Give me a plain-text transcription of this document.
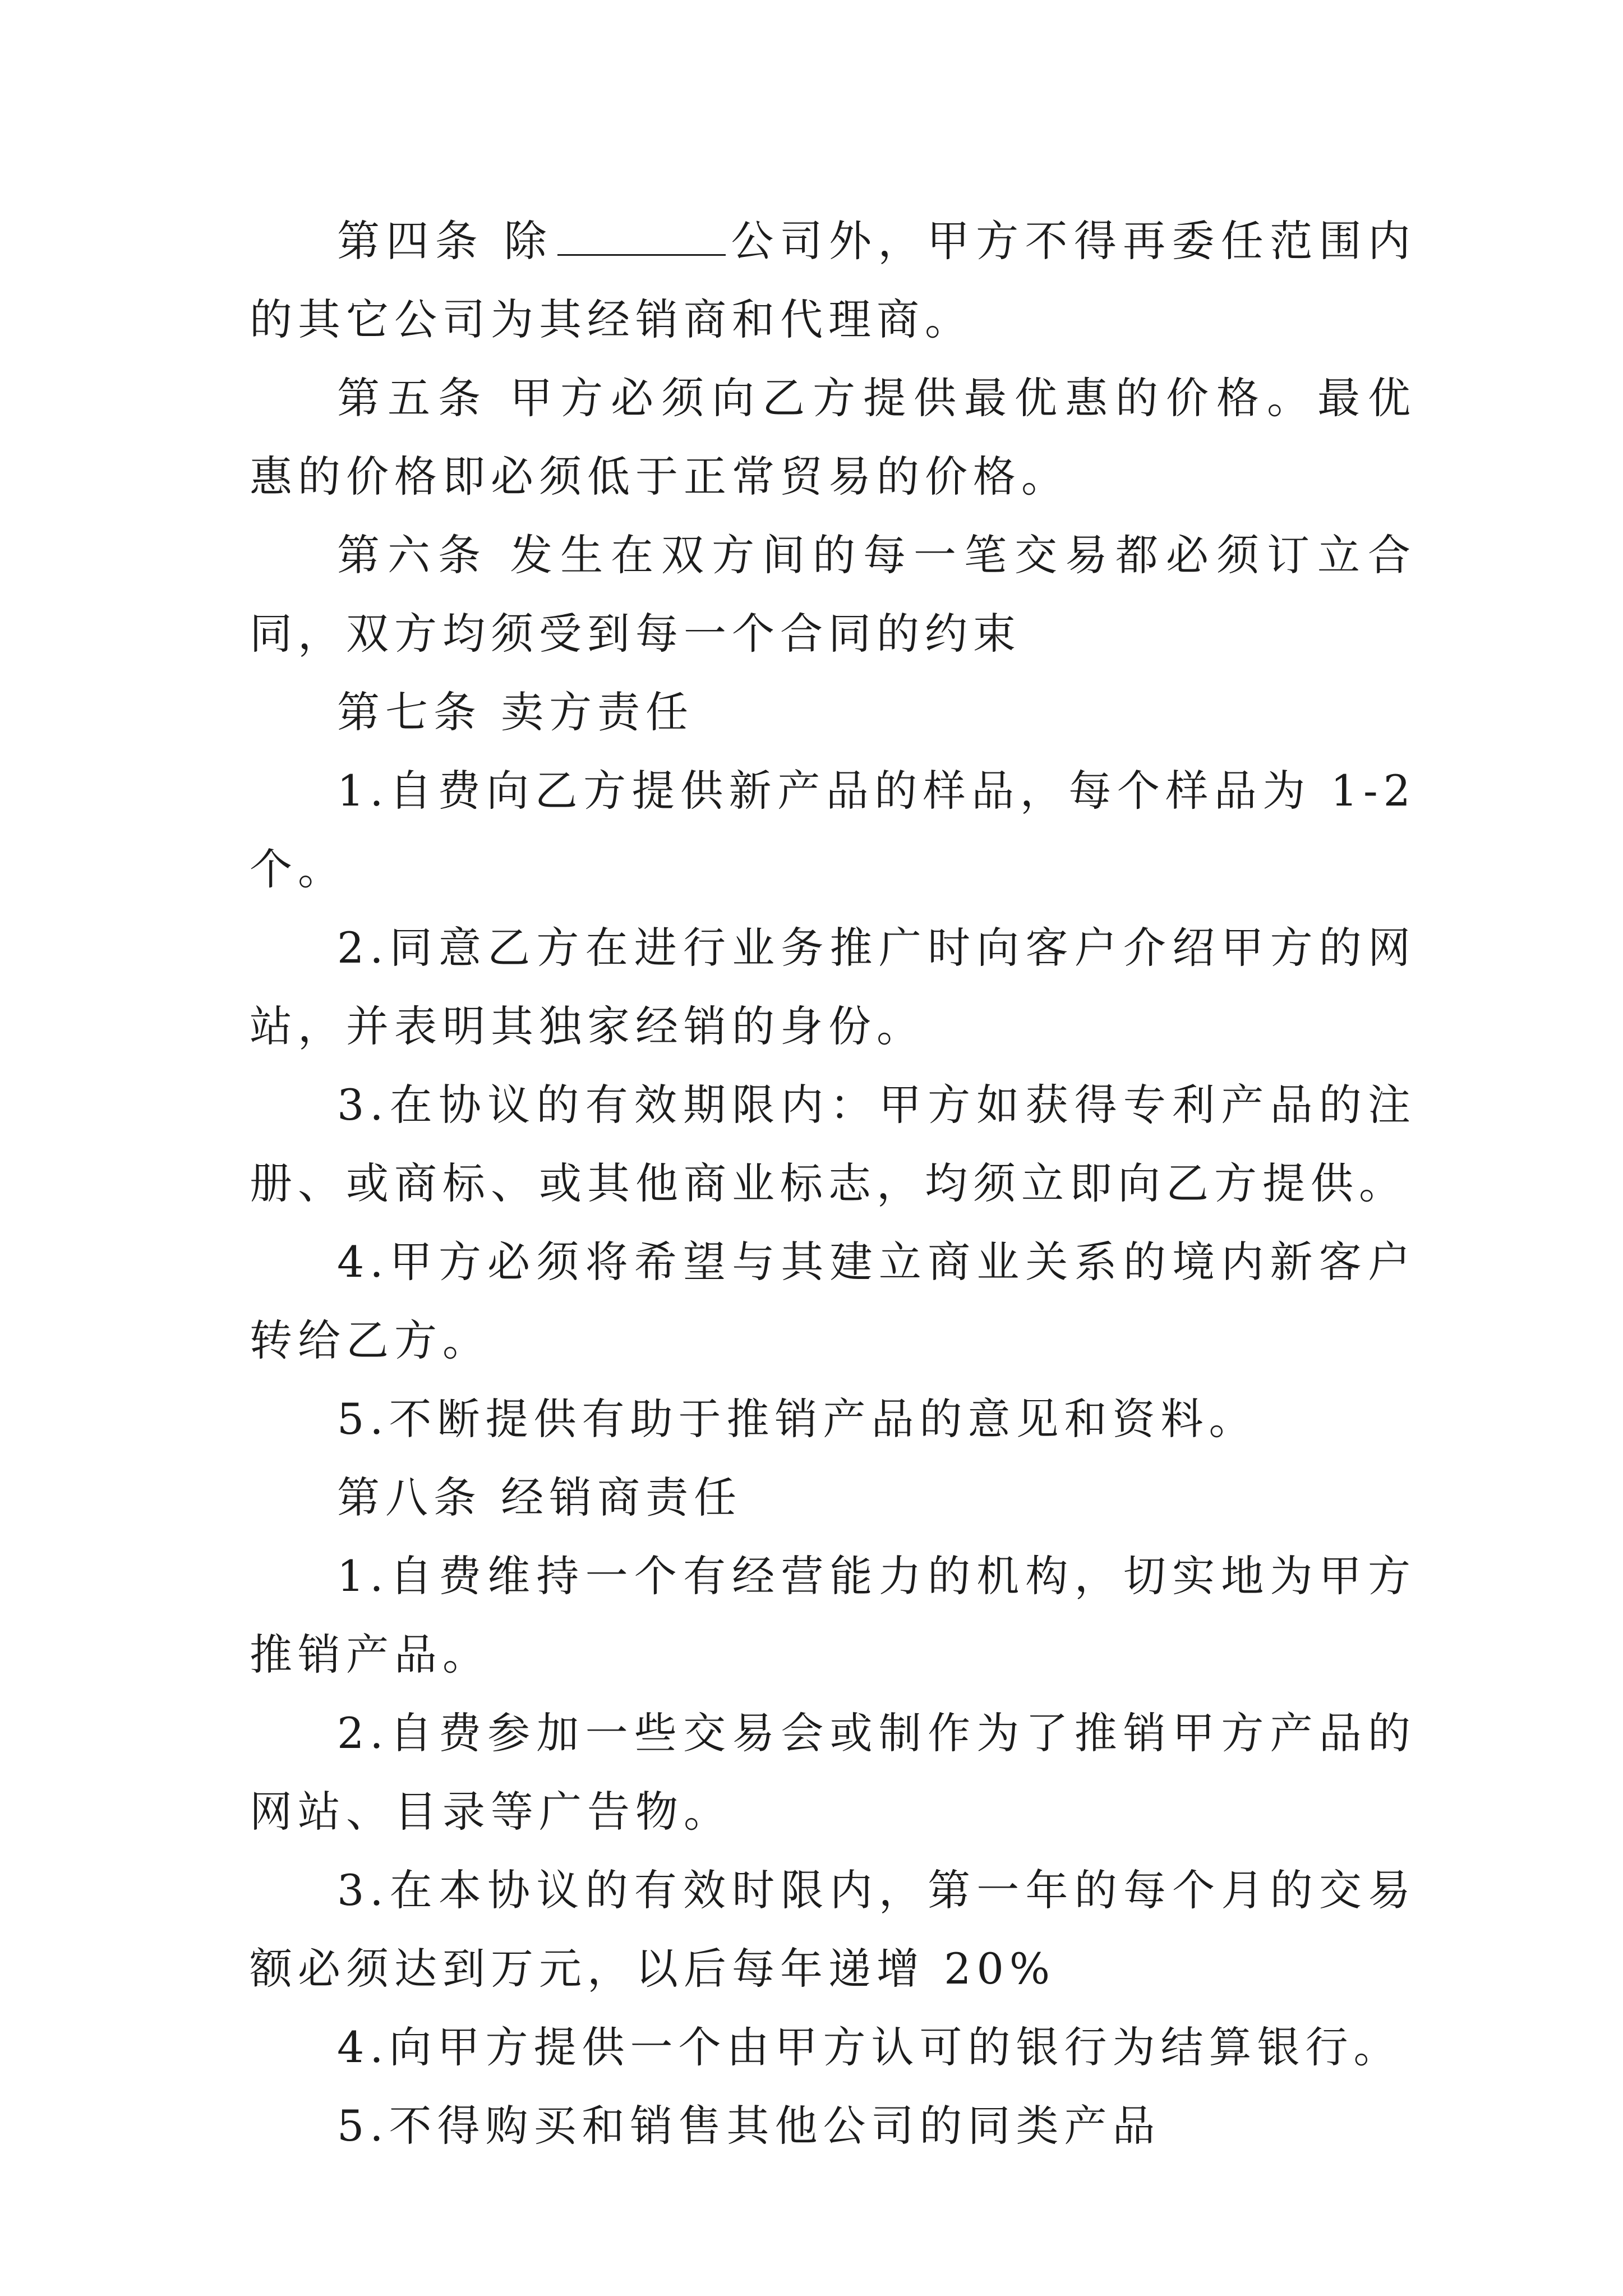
第四条 除	公司外，甲方不得再委任范围内的其它公司为其经销商和代理商。

第五条 甲方必须向乙方提供最优惠的价格。最优惠的价格即必须低于正常贸易的价格。

第六条 发生在双方间的每一笔交易都必须订立合同，双方均须受到每一个合同的约束

第七条 卖方责任

1.自费向乙方提供新产品的样品，每个样品为 1-2 个。

2.同意乙方在进行业务推广时向客户介绍甲方的网站，并表明其独家经销的身份。

3.在协议的有效期限内：甲方如获得专利产品的注册、或商标、或其他商业标志，均须立即向乙方提供。

4.甲方必须将希望与其建立商业关系的境内新客户转给乙方。

5.不断提供有助于推销产品的意见和资料。

第八条 经销商责任

1.自费维持一个有经营能力的机构，切实地为甲方推销产品。

2.自费参加一些交易会或制作为了推销甲方产品的网站、目录等广告物。

3.在本协议的有效时限内，第一年的每个月的交易额必须达到万元，以后每年递增 20%

4.向甲方提供一个由甲方认可的银行为结算银行。

5.不得购买和销售其他公司的同类产品
